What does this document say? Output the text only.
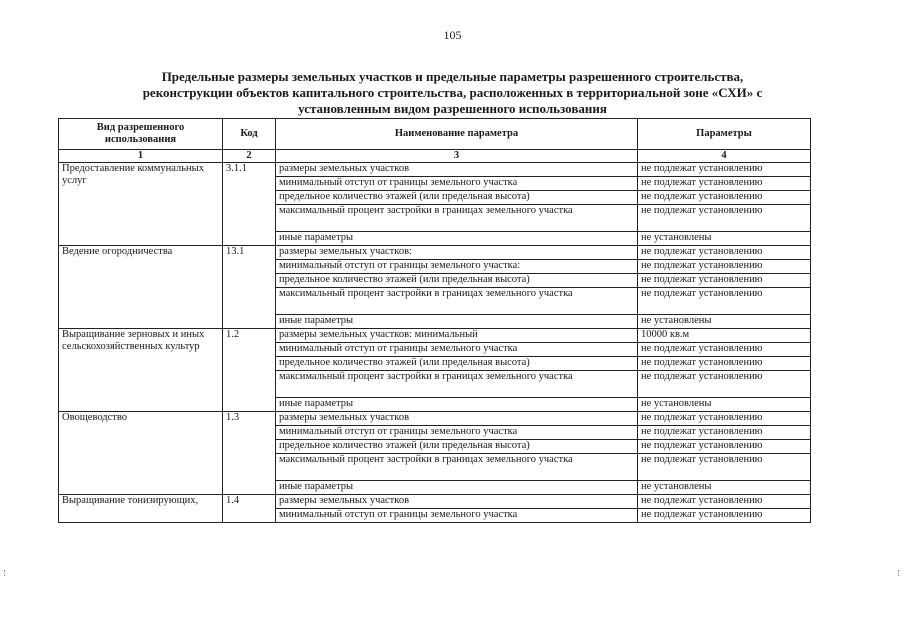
105
Предельные размеры земельных участков и предельные параметры разрешенного строительства,
реконструкции объектов капитального строительства, расположенных в территориальной зоне «СХИ» с
установленным видом разрешенного использования
Вид разрешенного использования	Код	Наименование параметра	Параметры
1	2	3	4
Предоставление коммунальных услуг	3.1.1	размеры земельных участков	не подлежат установлению
		минимальный отступ от границы земельного участка	не подлежат установлению
		предельное количество этажей (или предельная высота)	не подлежат установлению
		максимальный процент застройки в границах земельного участка	не подлежат установлению
		иные параметры	не установлены
Ведение огородничества	13.1	размеры земельных участков:	не подлежат установлению
		минимальный отступ от границы земельного участка:	не подлежат установлению
		предельное количество этажей (или предельная высота)	не подлежат установлению
		максимальный процент застройки в границах земельного участка	не подлежат установлению
		иные параметры	не установлены
Выращивание зерновых и иных сельскохозяйственных культур	1.2	размеры земельных участков: минимальный	10000 кв.м
		минимальный отступ от границы земельного участка	не подлежат установлению
		предельное количество этажей (или предельная высота)	не подлежат установлению
		максимальный процент застройки в границах земельного участка	не подлежат установлению
		иные параметры	не установлены
Овощеводство	1.3	размеры земельных участков	не подлежат установлению
		минимальный отступ от границы земельного участка	не подлежат установлению
		предельное количество этажей (или предельная высота)	не подлежат установлению
		максимальный процент застройки в границах земельного участка	не подлежат установлению
		иные параметры	не установлены
Выращивание тонизирующих,	1.4	размеры земельных участков	не подлежат установлению
		минимальный отступ от границы земельного участка	не подлежат установлению
